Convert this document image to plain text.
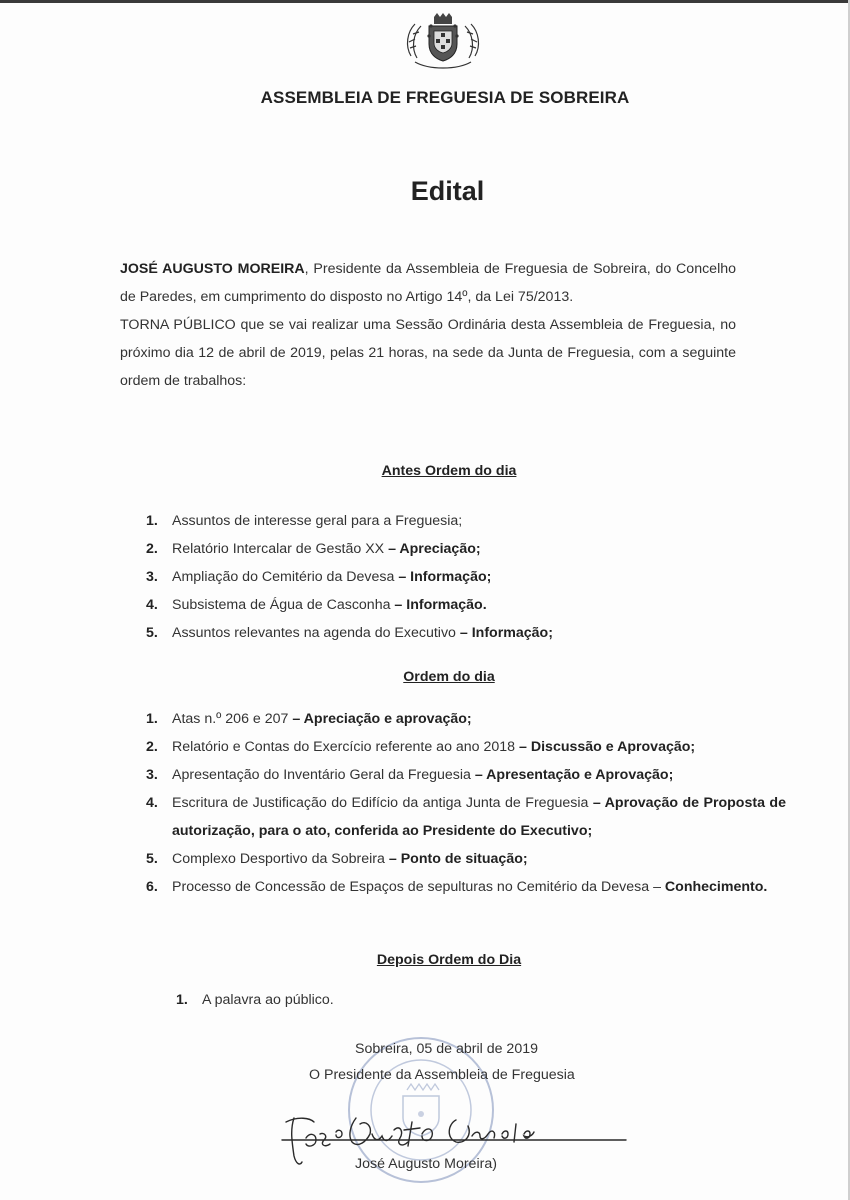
ASSEMBLEIA DE FREGUESIA DE SOBREIRA
Edital

JOSÉ AUGUSTO MOREIRA, Presidente da Assembleia de Freguesia de Sobreira, do Concelho de Paredes, em cumprimento do disposto no Artigo 14º, da Lei 75/2013.

TORNA PÚBLICO que se vai realizar uma Sessão Ordinária desta Assembleia de Freguesia, no próximo dia 12 de abril de 2019, pelas 21 horas, na sede da Junta de Freguesia, com a seguinte ordem de trabalhos:

Antes Ordem do dia
1. Assuntos de interesse geral para a Freguesia;
2. Relatório Intercalar de Gestão XX – Apreciação;
3. Ampliação do Cemitério da Devesa – Informação;
4. Subsistema de Água de Casconha – Informação.
5. Assuntos relevantes na agenda do Executivo – Informação;
Ordem do dia
1. Atas n.º 206 e 207 – Apreciação e aprovação;
2. Relatório e Contas do Exercício referente ao ano 2018 – Discussão e Aprovação;
3. Apresentação do Inventário Geral da Freguesia – Apresentação e Aprovação;
4. Escritura de Justificação do Edifício da antiga Junta de Freguesia – Aprovação de Proposta de autorização, para o ato, conferida ao Presidente do Executivo;
5. Complexo Desportivo da Sobreira – Ponto de situação;
6. Processo de Concessão de Espaços de sepulturas no Cemitério da Devesa – Conhecimento.
Depois Ordem do Dia
1. A palavra ao público.
Sobreira, 05 de abril de 2019
O Presidente da Assembleia de Freguesia
José Augusto Moreira)
